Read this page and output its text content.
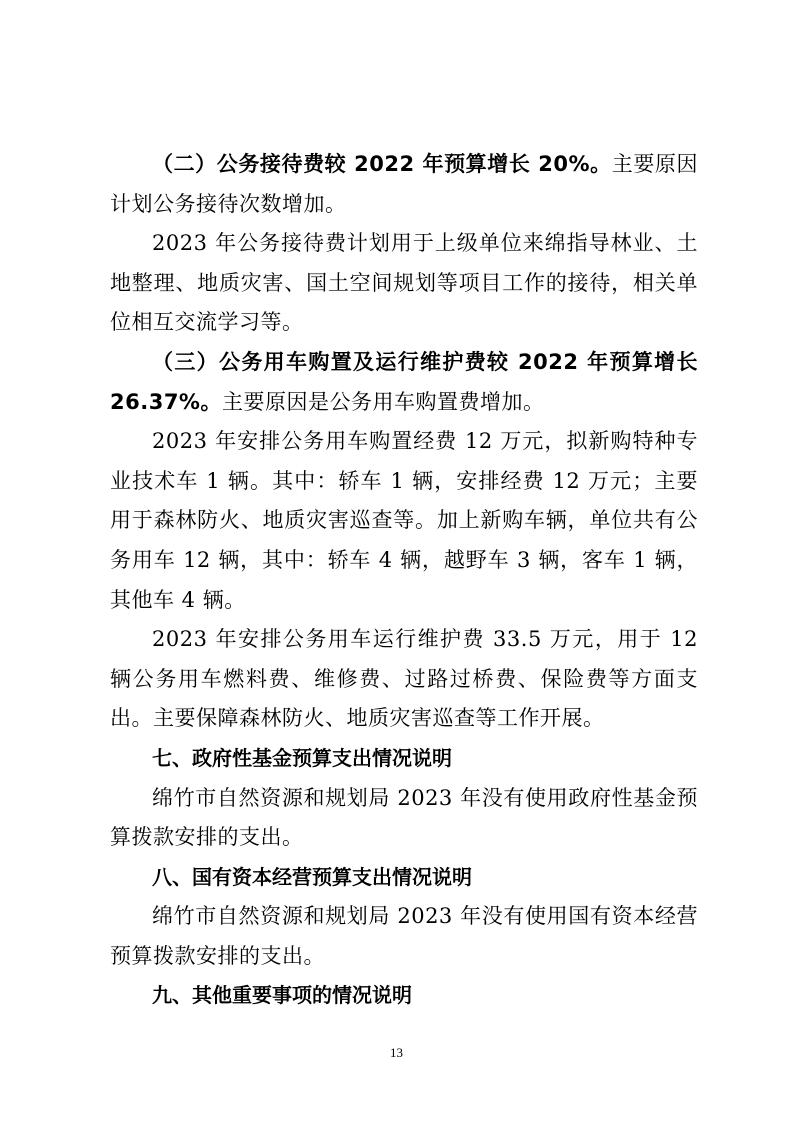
（二）公务接待费较 2022 年预算增长 20%。主要原因计划公务接待次数增加。

2023 年公务接待费计划用于上级单位来绵指导林业、土地整理、地质灾害、国土空间规划等项目工作的接待，相关单位相互交流学习等。

（三）公务用车购置及运行维护费较 2022 年预算增长 26.37%。主要原因是公务用车购置费增加。

2023 年安排公务用车购置经费 12 万元，拟新购特种专业技术车 1 辆。其中：轿车 1 辆，安排经费 12 万元；主要用于森林防火、地质灾害巡查等。加上新购车辆，单位共有公务用车 12 辆，其中：轿车 4 辆，越野车 3 辆，客车 1 辆，其他车 4 辆。

2023 年安排公务用车运行维护费 33.5 万元，用于 12 辆公务用车燃料费、维修费、过路过桥费、保险费等方面支出。主要保障森林防火、地质灾害巡查等工作开展。

七、政府性基金预算支出情况说明

绵竹市自然资源和规划局 2023 年没有使用政府性基金预算拨款安排的支出。

八、国有资本经营预算支出情况说明

绵竹市自然资源和规划局 2023 年没有使用国有资本经营预算拨款安排的支出。

九、其他重要事项的情况说明

13
